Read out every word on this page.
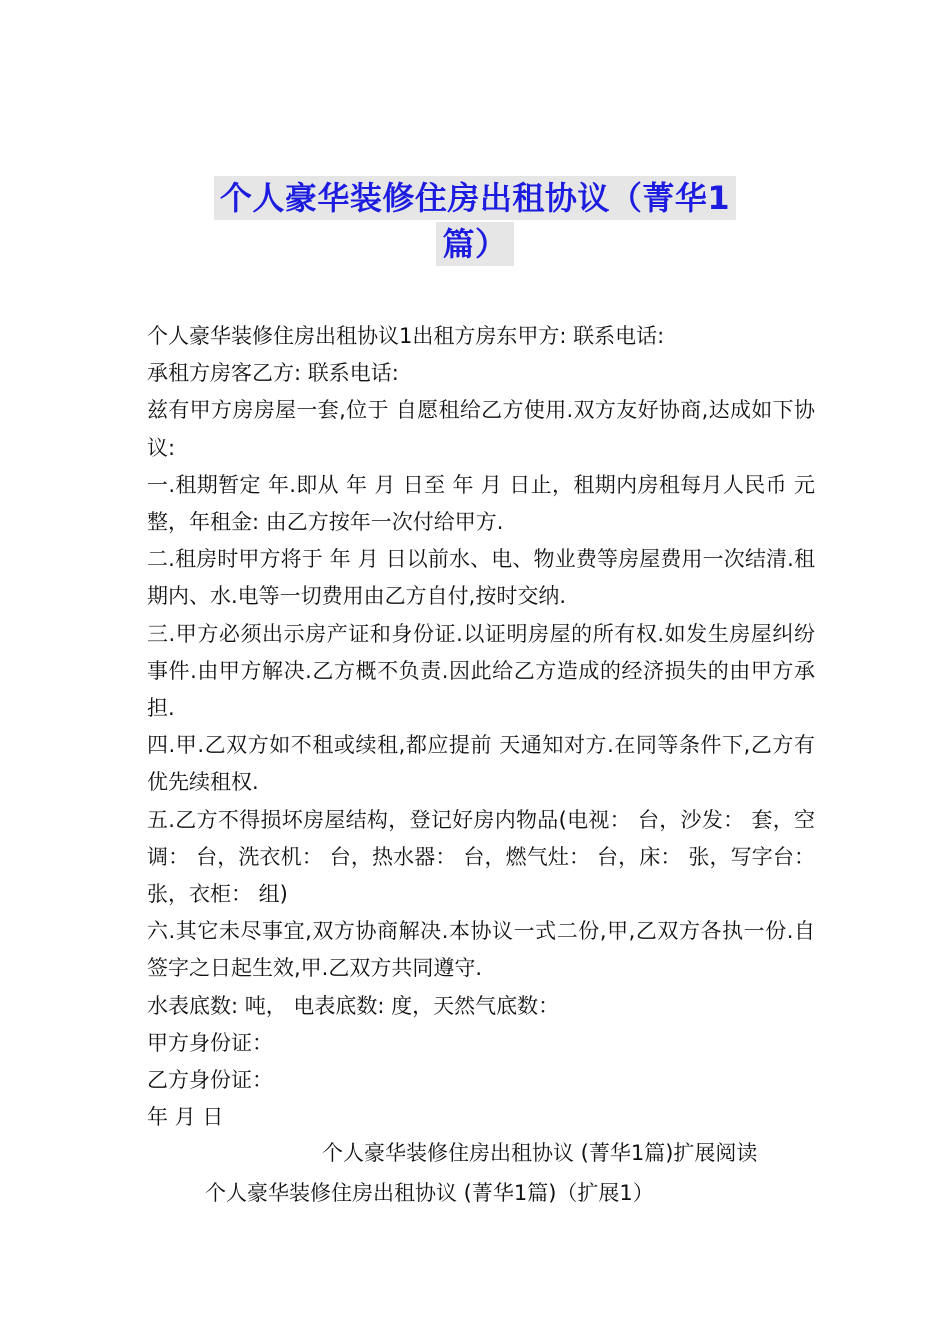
个人豪华装修住房出租协议（菁华1
篇）

个人豪华装修住房出租协议1出租方房东甲方: 联系电话:

承租方房客乙方: 联系电话:

兹有甲方房房屋一套,位于 自愿租给乙方使用.双方友好协商,达成如下协议:

一.租期暂定 年.即从 年 月 日至 年 月 日止，租期内房租每月人民币 元整，年租金: 由乙方按年一次付给甲方.

二.租房时甲方将于 年 月 日以前水、电、物业费等房屋费用一次结清.租期内、水.电等一切费用由乙方自付,按时交纳.

三.甲方必须出示房产证和身份证.以证明房屋的所有权.如发生房屋纠纷事件.由甲方解决.乙方概不负责.因此给乙方造成的经济损失的由甲方承担.

四.甲.乙双方如不租或续租,都应提前 天通知对方.在同等条件下,乙方有优先续租权.

五.乙方不得损坏房屋结构，登记好房内物品(电视： 台，沙发： 套，空调： 台，洗衣机： 台，热水器： 台，燃气灶： 台，床： 张，写字台： 张，衣柜： 组)

六.其它未尽事宜,双方协商解决.本协议一式二份,甲,乙双方各执一份.自签字之日起生效,甲.乙双方共同遵守.

水表底数: 吨， 电表底数: 度，天然气底数：

甲方身份证：

乙方身份证：

年 月 日

个人豪华装修住房出租协议 (菁华1篇)扩展阅读
个人豪华装修住房出租协议 (菁华1篇)（扩展1）
